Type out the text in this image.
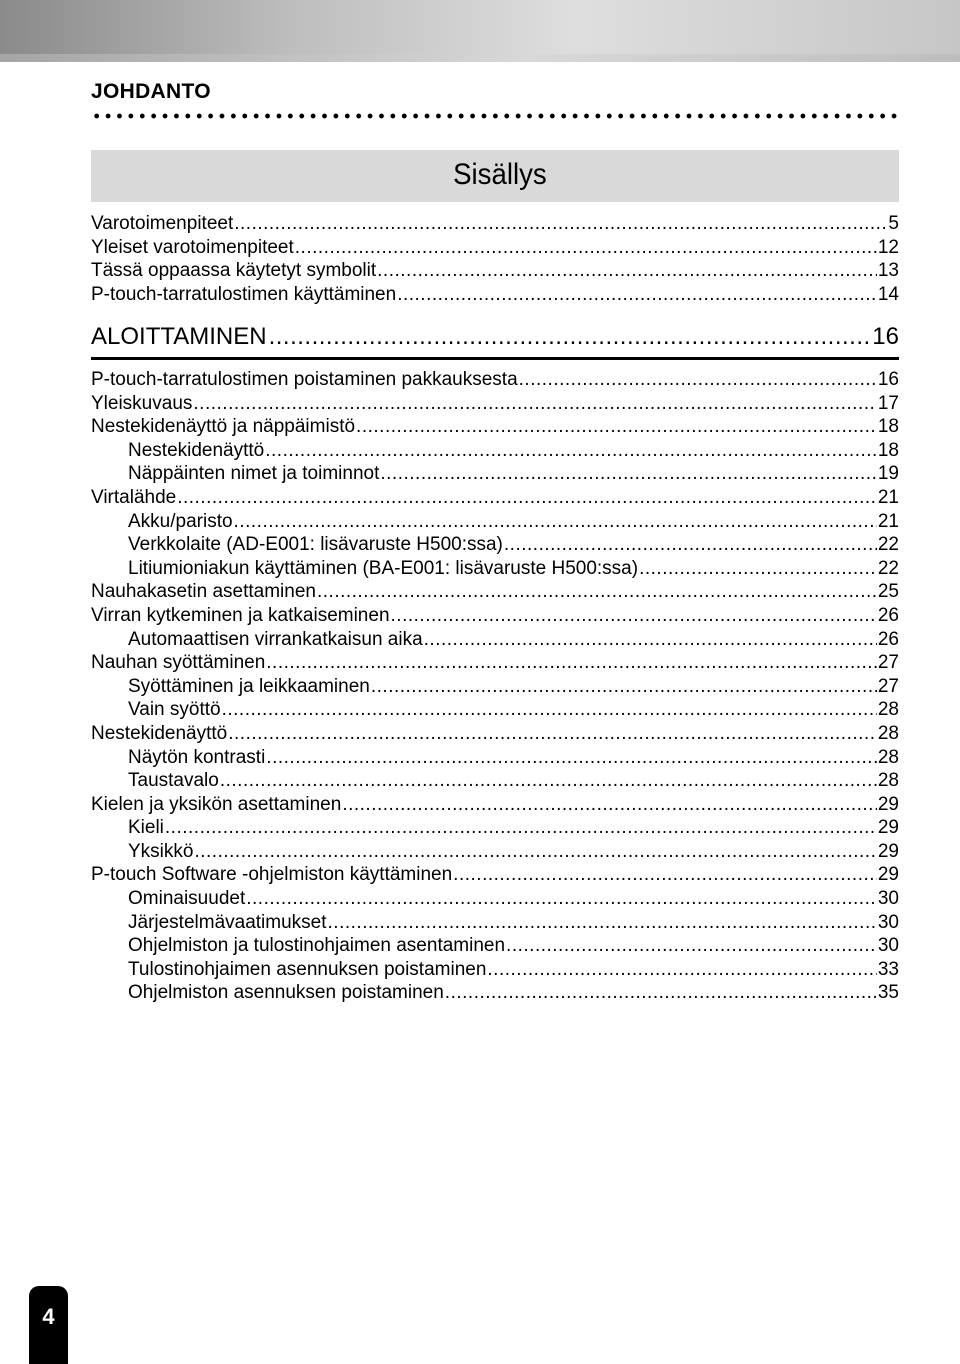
JOHDANTO
Sisällys
Varotoimenpiteet .....	5
Yleiset varotoimenpiteet .....	12
Tässä oppaassa käytetyt symbolit .....	13
P-touch-tarratulostimen käyttäminen .....	14
ALOITTAMINEN .....	16
P-touch-tarratulostimen poistaminen pakkauksesta .....	16
Yleiskuvaus .....	17
Nestekidenäyttö ja näppäimistö .....	18
Nestekidenäyttö .....	18
Näppäinten nimet ja toiminnot .....	19
Virtalähde .....	21
Akku/paristo .....	21
Verkkolaite (AD-E001: lisävaruste H500:ssa) .....	22
Litiumioniakun käyttäminen (BA-E001: lisävaruste H500:ssa) .....	22
Nauhakasetin asettaminen .....	25
Virran kytkeminen ja katkaiseminen .....	26
Automaattisen virrankatkaisun aika .....	26
Nauhan syöttäminen .....	27
Syöttäminen ja leikkaaminen .....	27
Vain syöttö .....	28
Nestekidenäyttö .....	28
Näytön kontrasti .....	28
Taustavalo .....	28
Kielen ja yksikön asettaminen .....	29
Kieli .....	29
Yksikkö .....	29
P-touch Software -ohjelmiston käyttäminen .....	29
Ominaisuudet .....	30
Järjestelmävaatimukset .....	30
Ohjelmiston ja tulostinohjaimen asentaminen .....	30
Tulostinohjaimen asennuksen poistaminen .....	33
Ohjelmiston asennuksen poistaminen .....	35
4
